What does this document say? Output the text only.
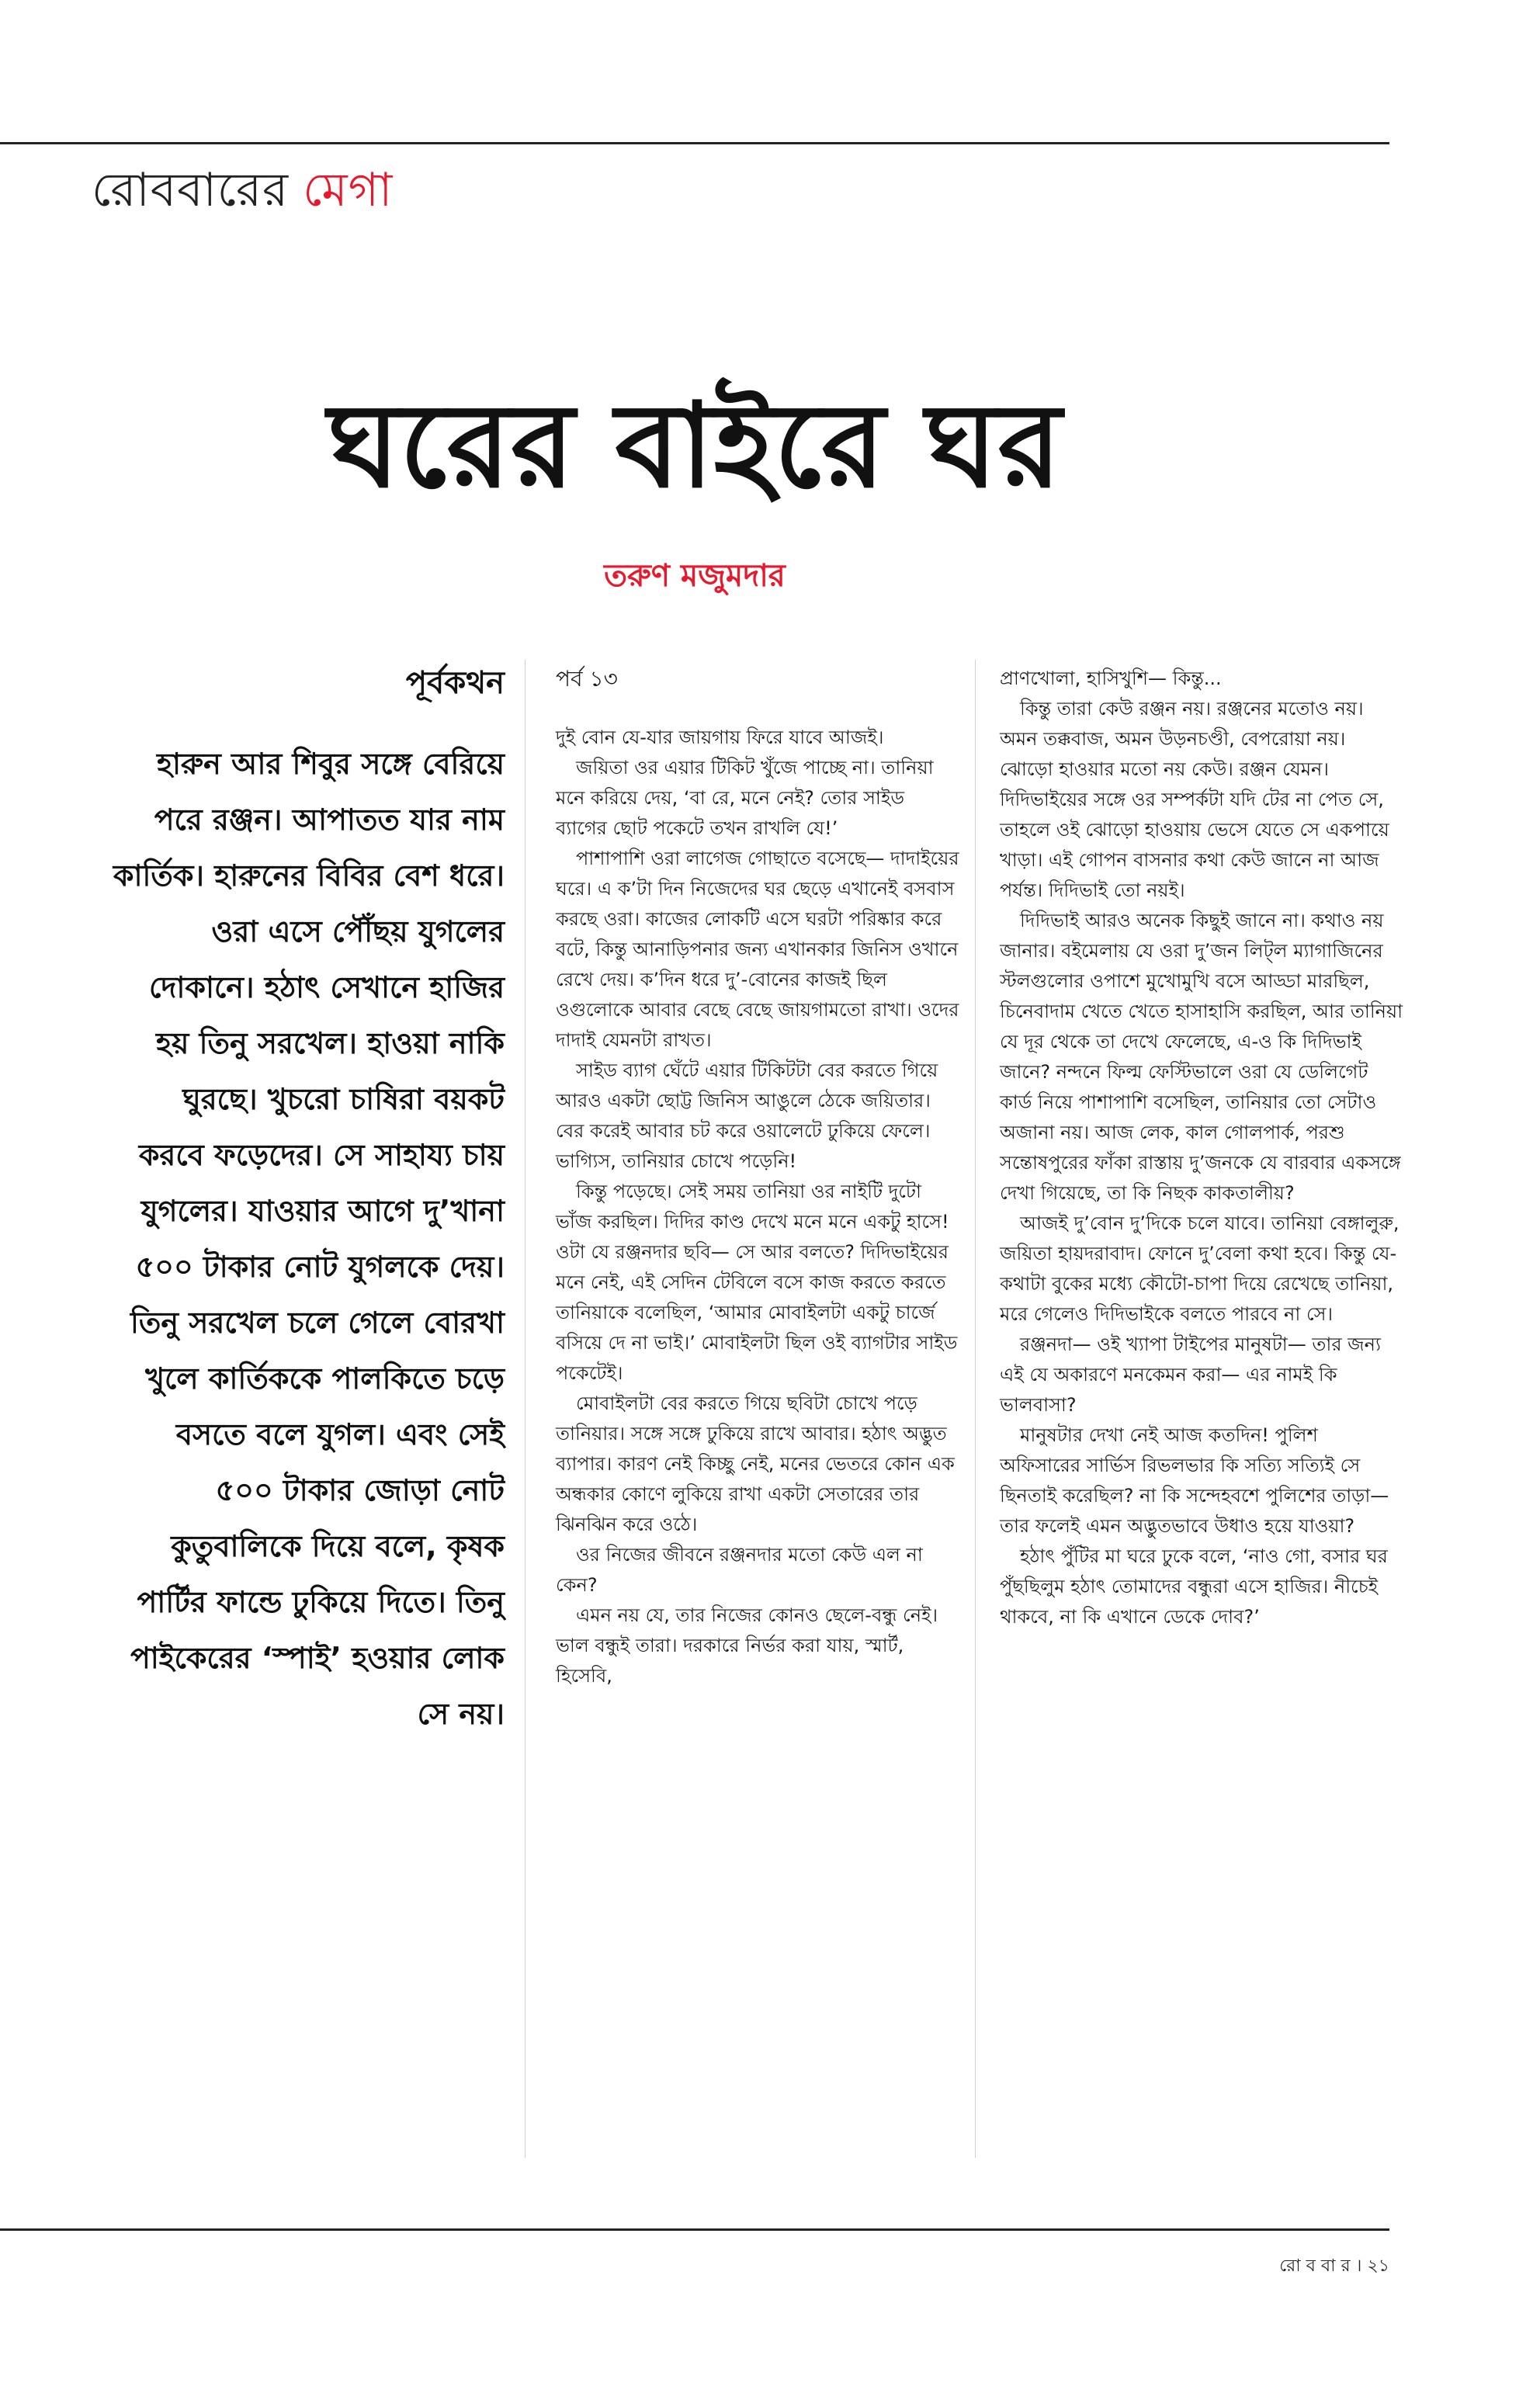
রোববারের মেগা
ঘরের বাইরে ঘর
তরুণ মজুমদার
পূর্বকথন

হারুন আর শিবুর সঙ্গে বেরিয়ে পরে রঞ্জন। আপাতত যার নাম কার্তিক। হারুনের বিবির বেশ ধরে। ওরা এসে পৌঁছয় যুগলের দোকানে। হঠাৎ সেখানে হাজির হয় তিনু সরখেল। হাওয়া নাকি ঘুরছে। খুচরো চাষিরা বয়কট করবে ফড়েদের। সে সাহায্য চায় যুগলের। যাওয়ার আগে দু’খানা ৫০০ টাকার নোট যুগলকে দেয়। তিনু সরখেল চলে গেলে বোরখা খুলে কার্তিককে পালকিতে চড়ে বসতে বলে যুগল। এবং সেই ৫০০ টাকার জোড়া নোট কুতুবালিকে দিয়ে বলে, কৃষক পার্টির ফান্ডে ঢুকিয়ে দিতে। তিনু পাইকেরের ‘স্পাই’ হওয়ার লোক সে নয়।

পর্ব ১৩

দুই বোন যে-যার জায়গায় ফিরে যাবে আজই।

জয়িতা ওর এয়ার টিকিট খুঁজে পাচ্ছে না। তানিয়া মনে করিয়ে দেয়, ‘বা রে, মনে নেই? তোর সাইড ব্যাগের ছোট পকেটে তখন রাখলি যে!’

পাশাপাশি ওরা লাগেজ গোছাতে বসেছে— দাদাইয়ের ঘরে। এ ক’টা দিন নিজেদের ঘর ছেড়ে এখানেই বসবাস করছে ওরা। কাজের লোকটি এসে ঘরটা পরিষ্কার করে বটে, কিন্তু আনাড়িপনার জন্য এখানকার জিনিস ওখানে রেখে দেয়। ক’দিন ধরে দু’-বোনের কাজই ছিল ওগুলোকে আবার বেছে বেছে জায়গামতো রাখা। ওদের দাদাই যেমনটা রাখত।

সাইড ব্যাগ ঘেঁটে এয়ার টিকিটটা বের করতে গিয়ে আরও একটা ছোট্ট জিনিস আঙুলে ঠেকে জয়িতার। বের করেই আবার চট করে ওয়ালেটে ঢুকিয়ে ফেলে। ভাগ্যিস, তানিয়ার চোখে পড়েনি!

কিন্তু পড়েছে। সেই সময় তানিয়া ওর নাইটি দুটো ভাঁজ করছিল। দিদির কাণ্ড দেখে মনে মনে একটু হাসে! ওটা যে রঞ্জনদার ছবি— সে আর বলতে? দিদিভাইয়ের মনে নেই, এই সেদিন টেবিলে বসে কাজ করতে করতে তানিয়াকে বলেছিল, ‘আমার মোবাইলটা একটু চার্জে বসিয়ে দে না ভাই।’ মোবাইলটা ছিল ওই ব্যাগটার সাইড পকেটেই।

মোবাইলটা বের করতে গিয়ে ছবিটা চোখে পড়ে তানিয়ার। সঙ্গে সঙ্গে ঢুকিয়ে রাখে আবার। হঠাৎ অদ্ভুত ব্যাপার। কারণ নেই কিচ্ছু নেই, মনের ভেতরে কোন এক অন্ধকার কোণে লুকিয়ে রাখা একটা সেতারের তার ঝিনঝিন করে ওঠে।

ওর নিজের জীবনে রঞ্জনদার মতো কেউ এল না কেন?

এমন নয় যে, তার নিজের কোনও ছেলে-বন্ধু নেই। ভাল বন্ধুই তারা। দরকারে নির্ভর করা যায়, স্মার্ট, হিসেবি,

প্রাণখোলা, হাসিখুশি— কিন্তু...

কিন্তু তারা কেউ রঞ্জন নয়। রঞ্জনের মতোও নয়। অমন তক্কবাজ, অমন উড়নচণ্ডী, বেপরোয়া নয়। ঝোড়ো হাওয়ার মতো নয় কেউ। রঞ্জন যেমন। দিদিভাইয়ের সঙ্গে ওর সম্পর্কটা যদি টের না পেত সে, তাহলে ওই ঝোড়ো হাওয়ায় ভেসে যেতে সে একপায়ে খাড়া। এই গোপন বাসনার কথা কেউ জানে না আজ পর্যন্ত। দিদিভাই তো নয়ই।

দিদিভাই আরও অনেক কিছুই জানে না। কথাও নয় জানার। বইমেলায় যে ওরা দু’জন লিট্‌ল ম্যাগাজিনের স্টলগুলোর ওপাশে মুখোমুখি বসে আড্ডা মারছিল, চিনেবাদাম খেতে খেতে হাসাহাসি করছিল, আর তানিয়া যে দূর থেকে তা দেখে ফেলেছে, এ-ও কি দিদিভাই জানে? নন্দনে ফিল্ম ফেস্টিভালে ওরা যে ডেলিগেট কার্ড নিয়ে পাশাপাশি বসেছিল, তানিয়ার তো সেটাও অজানা নয়। আজ লেক, কাল গোলপার্ক, পরশু সন্তোষপুরের ফাঁকা রাস্তায় দু’জনকে যে বারবার একসঙ্গে দেখা গিয়েছে, তা কি নিছক কাকতালীয়?

আজই দু’বোন দু’দিকে চলে যাবে। তানিয়া বেঙ্গালুরু, জয়িতা হায়দরাবাদ। ফোনে দু’বেলা কথা হবে। কিন্তু যে-কথাটা বুকের মধ্যে কৌটো-চাপা দিয়ে রেখেছে তানিয়া, মরে গেলেও দিদিভাইকে বলতে পারবে না সে।

রঞ্জনদা— ওই খ্যাপা টাইপের মানুষটা— তার জন্য এই যে অকারণে মনকেমন করা— এর নামই কি ভালবাসা?

মানুষটার দেখা নেই আজ কতদিন! পুলিশ অফিসারের সার্ভিস রিভলভার কি সত্যি সত্যিই সে ছিনতাই করেছিল? না কি সন্দেহবশে পুলিশের তাড়া— তার ফলেই এমন অদ্ভুতভাবে উধাও হয়ে যাওয়া?

হঠাৎ পুঁটির মা ঘরে ঢুকে বলে, ‘নাও গো, বসার ঘর পুঁছছিলুম হঠাৎ তোমাদের বন্ধুরা এসে হাজির। নীচেই থাকবে, না কি এখানে ডেকে দোব?’

রো ব বা র । ২১
